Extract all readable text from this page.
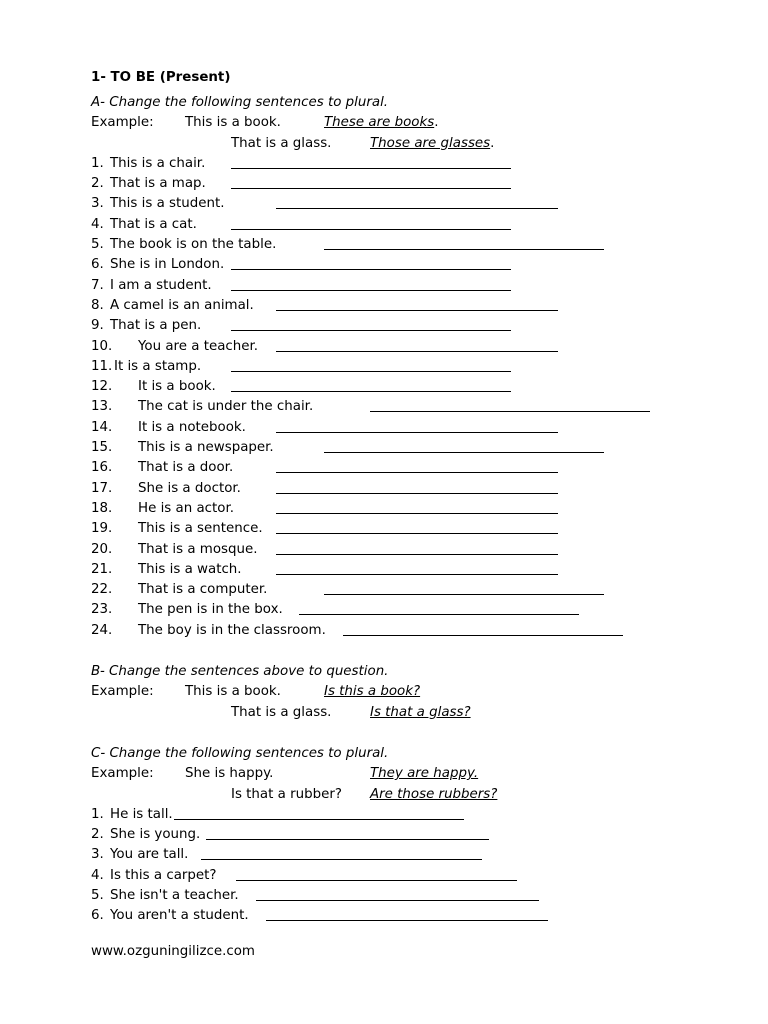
1- TO BE (Present)
A- Change the following sentences to plural.
Example: This is a book.	These are books.
That is a glass.	Those are glasses.
1. This is a chair.
2. That is a map.
3. This is a student.
4. That is a cat.
5. The book is on the table.
6. She is in London.
7. I am a student.
8. A camel is an animal.
9. That is a pen.
10. You are a teacher.
11. It is a stamp.
12. It is a book.
13. The cat is under the chair.
14. It is a notebook.
15. This is a newspaper.
16. That is a door.
17. She is a doctor.
18. He is an actor.
19. This is a sentence.
20. That is a mosque.
21. This is a watch.
22. That is a computer.
23. The pen is in the box.
24. The boy is in the classroom.
B- Change the sentences above to question.
Example: This is a book.	Is this a book?
That is a glass.	Is that a glass?
C- Change the following sentences to plural.
Example: She is happy.	They are happy.
Is that a rubber? Are those rubbers?
1. He is tall.
2. She is young.
3. You are tall.
4. Is this a carpet?
5. She isn't a teacher.
6. You aren't a student.
www.ozguningilizce.com
